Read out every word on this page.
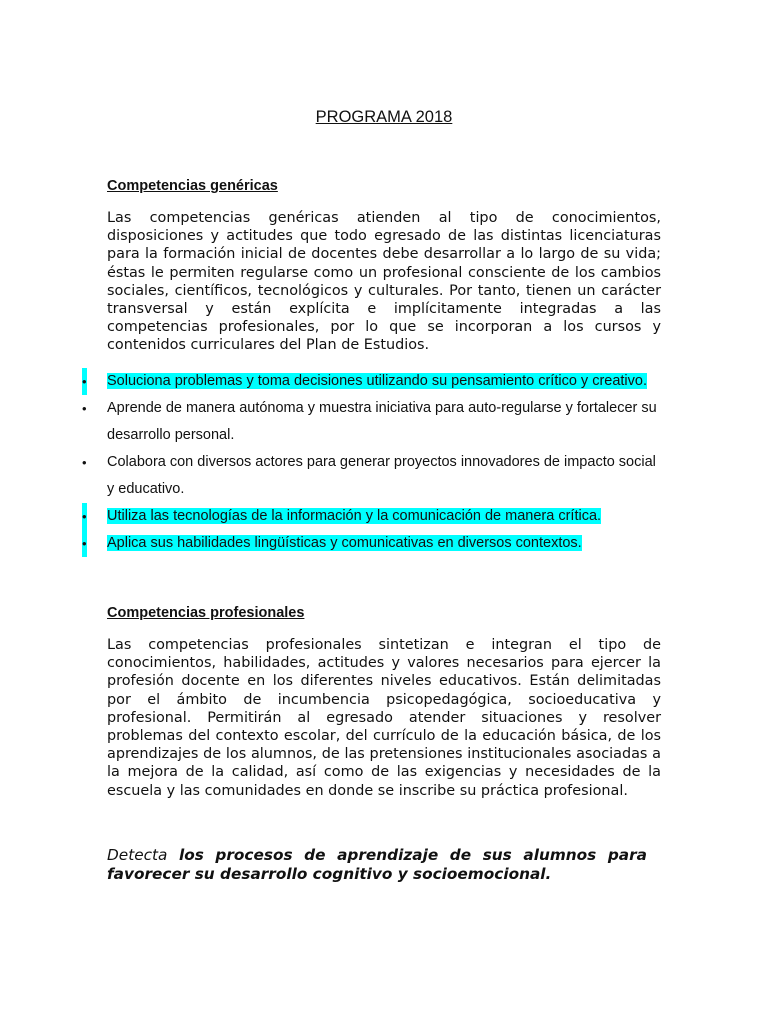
PROGRAMA 2018
Competencias genéricas

Las competencias genéricas atienden al tipo de conocimientos, disposiciones y actitudes que todo egresado de las distintas licenciaturas para la formación inicial de docentes debe desarrollar a lo largo de su vida; éstas le permiten regularse como un profesional consciente de los cambios sociales, científicos, tecnológicos y culturales. Por tanto, tienen un carácter transversal y están explícita e implícitamente integradas a las competencias profesionales, por lo que se incorporan a los cursos y contenidos curriculares del Plan de Estudios.

• Soluciona problemas y toma decisiones utilizando su pensamiento crítico y creativo.
• Aprende de manera autónoma y muestra iniciativa para auto-regularse y fortalecer su desarrollo personal.
• Colabora con diversos actores para generar proyectos innovadores de impacto social y educativo.
• Utiliza las tecnologías de la información y la comunicación de manera crítica.
• Aplica sus habilidades lingüísticas y comunicativas en diversos contextos.
Competencias profesionales

Las competencias profesionales sintetizan e integran el tipo de conocimientos, habilidades, actitudes y valores necesarios para ejercer la profesión docente en los diferentes niveles educativos. Están delimitadas por el ámbito de incumbencia psicopedagógica, socioeducativa y profesional. Permitirán al egresado atender situaciones y resolver problemas del contexto escolar, del currículo de la educación básica, de los aprendizajes de los alumnos, de las pretensiones institucionales asociadas a la mejora de la calidad, así como de las exigencias y necesidades de la escuela y las comunidades en donde se inscribe su práctica profesional.

Detecta los procesos de aprendizaje de sus alumnos para favorecer su desarrollo cognitivo y socioemocional.
